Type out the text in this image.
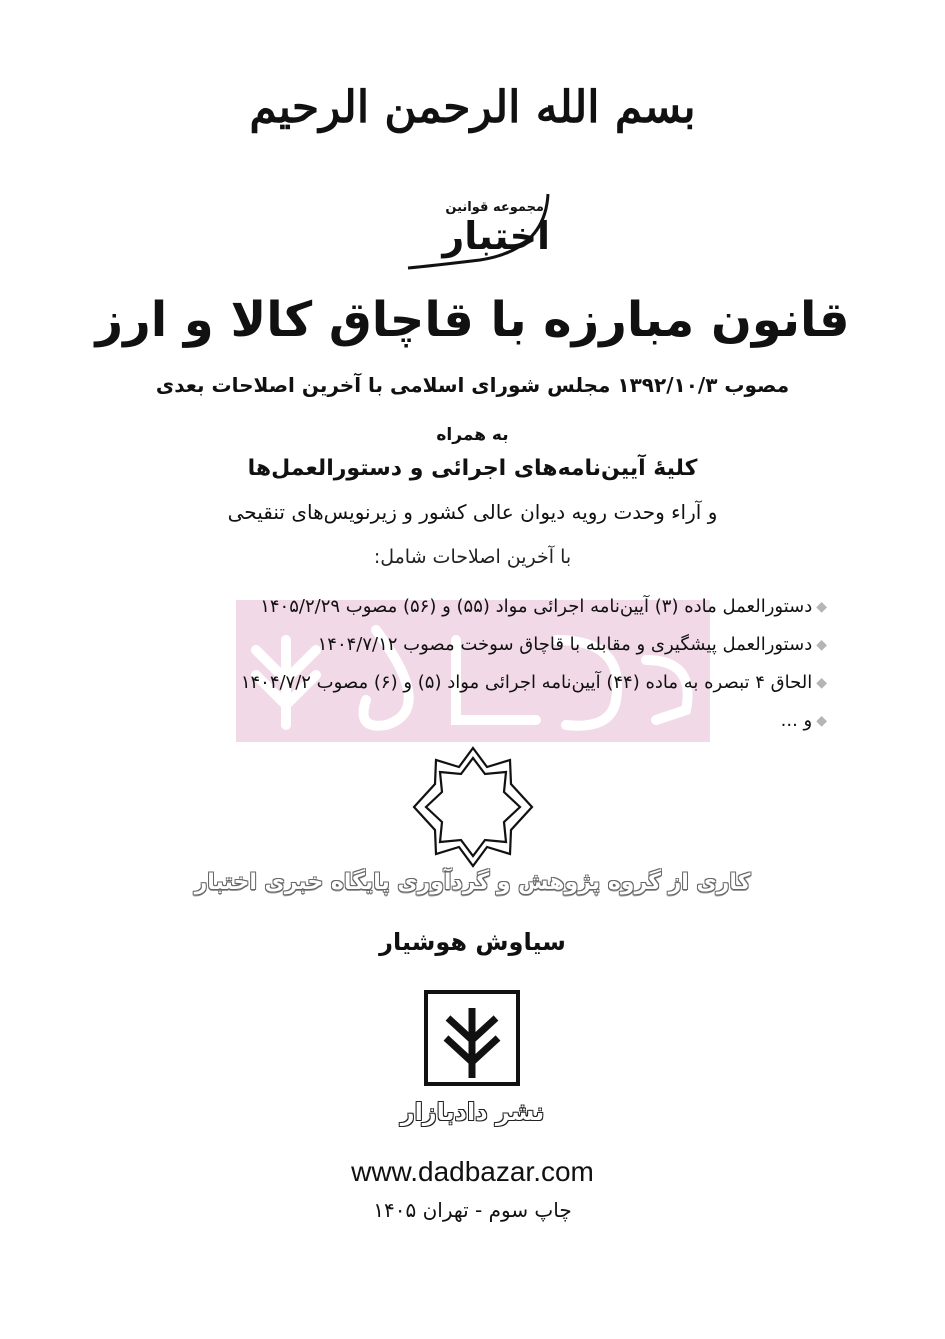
بسم الله الرحمن الرحيم
مجموعه قوانین
اختبار
قانون مبارزه با قاچاق کالا و ارز
مصوب ۱۳۹۲/۱۰/۳ مجلس شورای اسلامی با آخرین اصلاحات بعدی
به همراه
کلیهٔ آیین‌نامه‌های اجرائی و دستورالعمل‌ها
و آراء وحدت رویه دیوان عالی کشور و زیرنویس‌های تنقیحی
با آخرین اصلاحات شامل:
◆
دستورالعمل ماده (۳) آیین‌نامه اجرائی مواد (۵۵) و (۵۶) مصوب ۱۴۰۵/۲/۲۹
◆
دستورالعمل پیشگیری و مقابله با قاچاق سوخت مصوب ۱۴۰۴/۷/۱۲
◆
الحاق ۴ تبصره به ماده (۴۴) آیین‌نامه اجرائی مواد (۵) و (۶) مصوب ۱۴۰۴/۷/۲
◆
و ...
کاری از گروه پژوهش و گردآوری پایگاه خبری اختبار
سیاوش هوشیار
نشر دادبازار
www.dadbazar.com
چاپ سوم - تهران ۱۴۰۵
